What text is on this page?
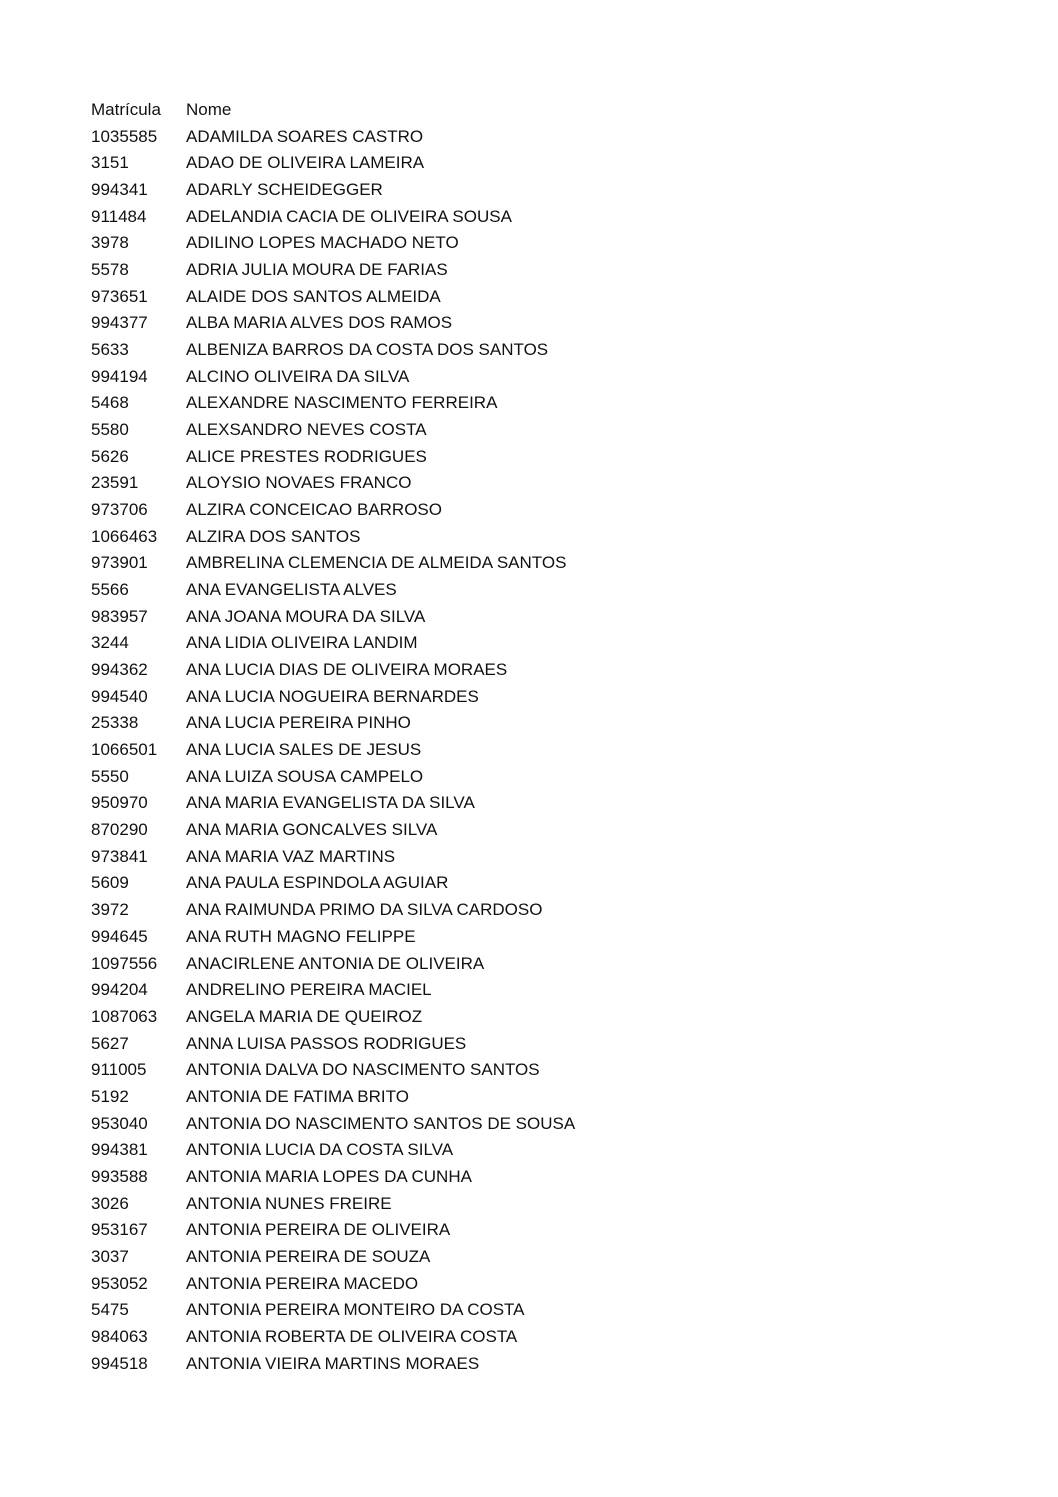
Matrícula	Nome
1035585	ADAMILDA SOARES CASTRO
3151	ADAO DE OLIVEIRA LAMEIRA
994341	ADARLY SCHEIDEGGER
911484	ADELANDIA CACIA DE OLIVEIRA SOUSA
3978	ADILINO LOPES MACHADO NETO
5578	ADRIA JULIA MOURA DE FARIAS
973651	ALAIDE DOS SANTOS ALMEIDA
994377	ALBA MARIA ALVES DOS RAMOS
5633	ALBENIZA BARROS DA COSTA DOS SANTOS
994194	ALCINO OLIVEIRA DA SILVA
5468	ALEXANDRE NASCIMENTO FERREIRA
5580	ALEXSANDRO NEVES COSTA
5626	ALICE PRESTES RODRIGUES
23591	ALOYSIO NOVAES FRANCO
973706	ALZIRA CONCEICAO BARROSO
1066463	ALZIRA DOS SANTOS
973901	AMBRELINA CLEMENCIA DE ALMEIDA SANTOS
5566	ANA EVANGELISTA ALVES
983957	ANA JOANA MOURA DA SILVA
3244	ANA LIDIA OLIVEIRA LANDIM
994362	ANA LUCIA DIAS DE OLIVEIRA MORAES
994540	ANA LUCIA NOGUEIRA BERNARDES
25338	ANA LUCIA PEREIRA PINHO
1066501	ANA LUCIA SALES DE JESUS
5550	ANA LUIZA SOUSA CAMPELO
950970	ANA MARIA EVANGELISTA DA SILVA
870290	ANA MARIA GONCALVES SILVA
973841	ANA MARIA VAZ MARTINS
5609	ANA PAULA ESPINDOLA AGUIAR
3972	ANA RAIMUNDA PRIMO DA SILVA CARDOSO
994645	ANA RUTH MAGNO FELIPPE
1097556	ANACIRLENE ANTONIA DE OLIVEIRA
994204	ANDRELINO PEREIRA MACIEL
1087063	ANGELA MARIA DE QUEIROZ
5627	ANNA LUISA PASSOS RODRIGUES
911005	ANTONIA DALVA DO NASCIMENTO SANTOS
5192	ANTONIA DE FATIMA BRITO
953040	ANTONIA DO NASCIMENTO SANTOS DE SOUSA
994381	ANTONIA LUCIA DA COSTA SILVA
993588	ANTONIA MARIA LOPES DA CUNHA
3026	ANTONIA NUNES FREIRE
953167	ANTONIA PEREIRA DE OLIVEIRA
3037	ANTONIA PEREIRA DE SOUZA
953052	ANTONIA PEREIRA MACEDO
5475	ANTONIA PEREIRA MONTEIRO DA COSTA
984063	ANTONIA ROBERTA DE OLIVEIRA COSTA
994518	ANTONIA VIEIRA MARTINS MORAES
